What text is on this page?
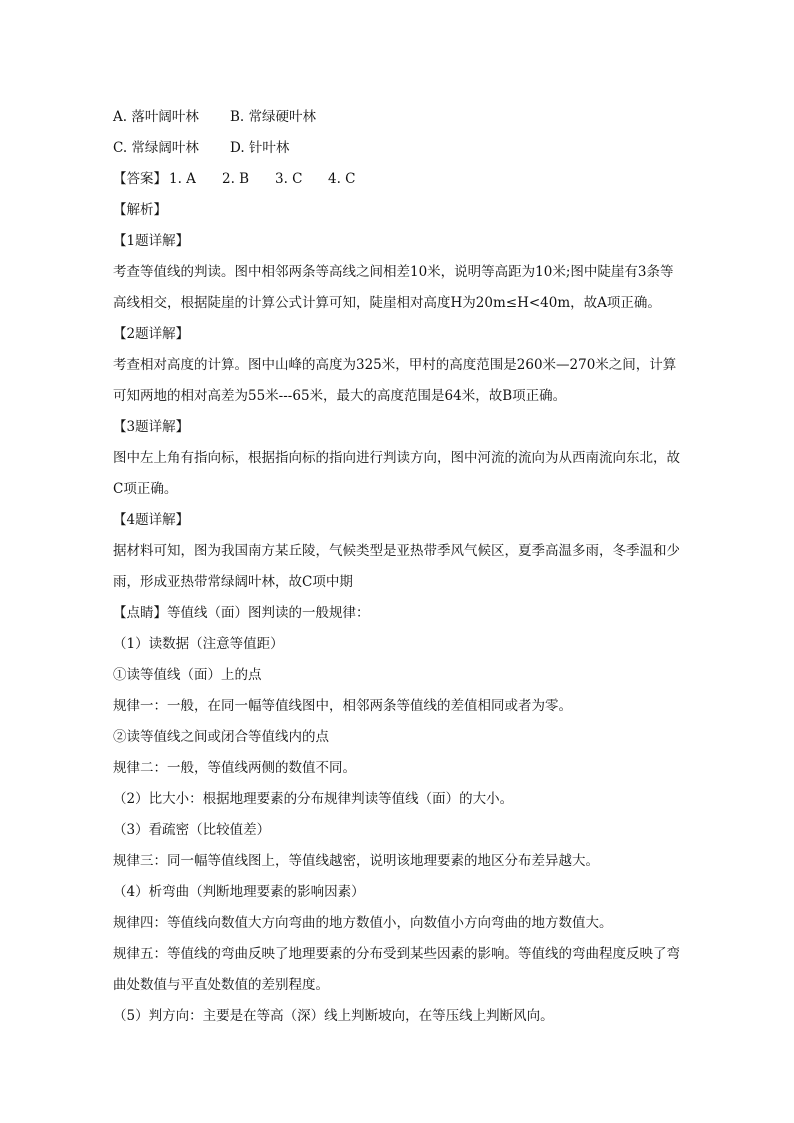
A. 落叶阔叶林 B. 常绿硬叶林

C. 常绿阔叶林 D. 针叶林

【答案】 1. A 2. B 3. C 4. C

【解析】

【1题详解】

考查等值线的判读。图中相邻两条等高线之间相差10米，说明等高距为10米;图中陡崖有3条等高线相交，根据陡崖的计算公式计算可知，陡崖相对高度H为20m≤H<40m，故A项正确。

【2题详解】

考查相对高度的计算。图中山峰的高度为325米，甲村的高度范围是260米—270米之间，计算可知两地的相对高差为55米---65米，最大的高度范围是64米，故B项正确。

【3题详解】

图中左上角有指向标，根据指向标的指向进行判读方向，图中河流的流向为从西南流向东北，故C项正确。

【4题详解】

据材料可知，图为我国南方某丘陵，气候类型是亚热带季风气候区，夏季高温多雨，冬季温和少雨，形成亚热带常绿阔叶林，故C项中期

【点睛】等值线（面）图判读的一般规律：

（1）读数据（注意等值距）

①读等值线（面）上的点

规律一：一般，在同一幅等值线图中，相邻两条等值线的差值相同或者为零。

②读等值线之间或闭合等值线内的点

规律二：一般，等值线两侧的数值不同。

（2）比大小：根据地理要素的分布规律判读等值线（面）的大小。

（3）看疏密（比较值差）

规律三：同一幅等值线图上，等值线越密，说明该地理要素的地区分布差异越大。

（4）析弯曲（判断地理要素的影响因素）

规律四：等值线向数值大方向弯曲的地方数值小，向数值小方向弯曲的地方数值大。

规律五：等值线的弯曲反映了地理要素的分布受到某些因素的影响。等值线的弯曲程度反映了弯曲处数值与平直处数值的差别程度。

（5）判方向：主要是在等高（深）线上判断坡向，在等压线上判断风向。
